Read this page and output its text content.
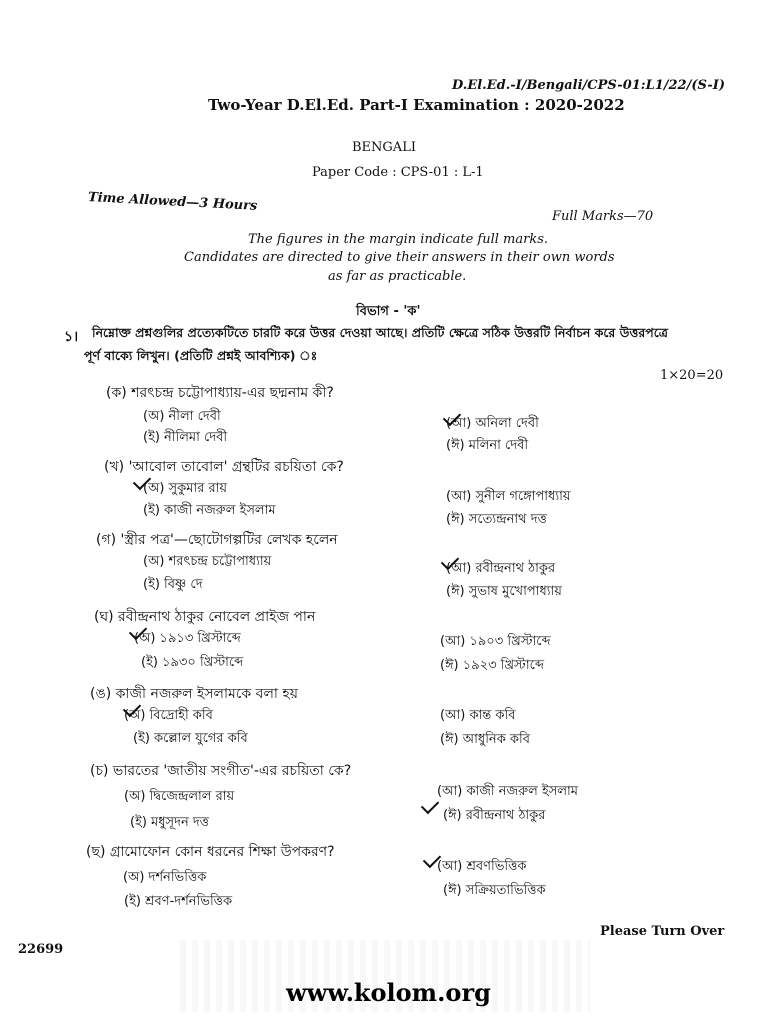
D.El.Ed.-I/Bengali/CPS-01:L1/22/(S-I)
Two-Year D.El.Ed. Part-I Examination : 2020-2022
BENGALI
Paper Code : CPS-01 : L-1
Time Allowed—3 Hours
Full Marks—70
The figures in the margin indicate full marks.
Candidates are directed to give their answers in their own words
as far as practicable.
বিভাগ - 'ক'
১। নিম্নোক্ত প্রশ্নগুলির প্রত্যেকটিতে চারটি করে উত্তর দেওয়া আছে। প্রতিটি ক্ষেত্রে সঠিক উত্তরটি নির্বাচন করে উত্তরপত্রে
পূর্ণ বাক্যে লিখুন। (প্রতিটি প্রশ্নই আবশ্যিক) ঃ
1×20=20
(ক) শরৎচন্দ্র চট্টোপাধ্যায়-এর ছদ্মনাম কী?
(অ) নীলা দেবী	(আ) অনিলা দেবী
(ই) নীলিমা দেবী
(ঈ) মলিনা দেবী
(খ) 'আবোল তাবোল' গ্রন্থটির রচয়িতা কে?
(অ) সুকুমার রায়
(আ) সুনীল গঙ্গোপাধ্যায়
(ই) কাজী নজরুল ইসলাম
(ঈ) সত্যেন্দ্রনাথ দত্ত
(গ) 'স্ত্রীর পত্র'—ছোটোগল্পটির লেখক হলেন
(অ) শরৎচন্দ্র চট্টোপাধ্যায়	(আ) রবীন্দ্রনাথ ঠাকুর
(ই) বিষ্ণু দে	(ঈ) সুভাষ মুখোপাধ্যায়
(ঘ) রবীন্দ্রনাথ ঠাকুর নোবেল প্রাইজ পান
(অ) ১৯১৩ খ্রিস্টাব্দে	(আ) ১৯০৩ খ্রিস্টাব্দে
(ই) ১৯৩০ খ্রিস্টাব্দে	(ঈ) ১৯২৩ খ্রিস্টাব্দে
(ঙ) কাজী নজরুল ইসলামকে বলা হয়
(অ) বিদ্রোহী কবি	(আ) কান্ত কবি
(ই) কল্লোল যুগের কবি	(ঈ) আধুনিক কবি
(চ) ভারতের 'জাতীয় সংগীত'-এর রচয়িতা কে?
(অ) দ্বিজেন্দ্রলাল রায়	(আ) কাজী নজরুল ইসলাম
(ই) মধুসূদন দত্ত	(ঈ) রবীন্দ্রনাথ ঠাকুর
(ছ) গ্রামোফোন কোন ধরনের শিক্ষা উপকরণ?
(অ) দর্শনভিত্তিক
(আ) শ্রবণভিত্তিক
(ই) শ্রবণ-দর্শনভিত্তিক
(ঈ) সক্রিয়তাভিত্তিক
Please Turn Over
22699
www.kolom.org
